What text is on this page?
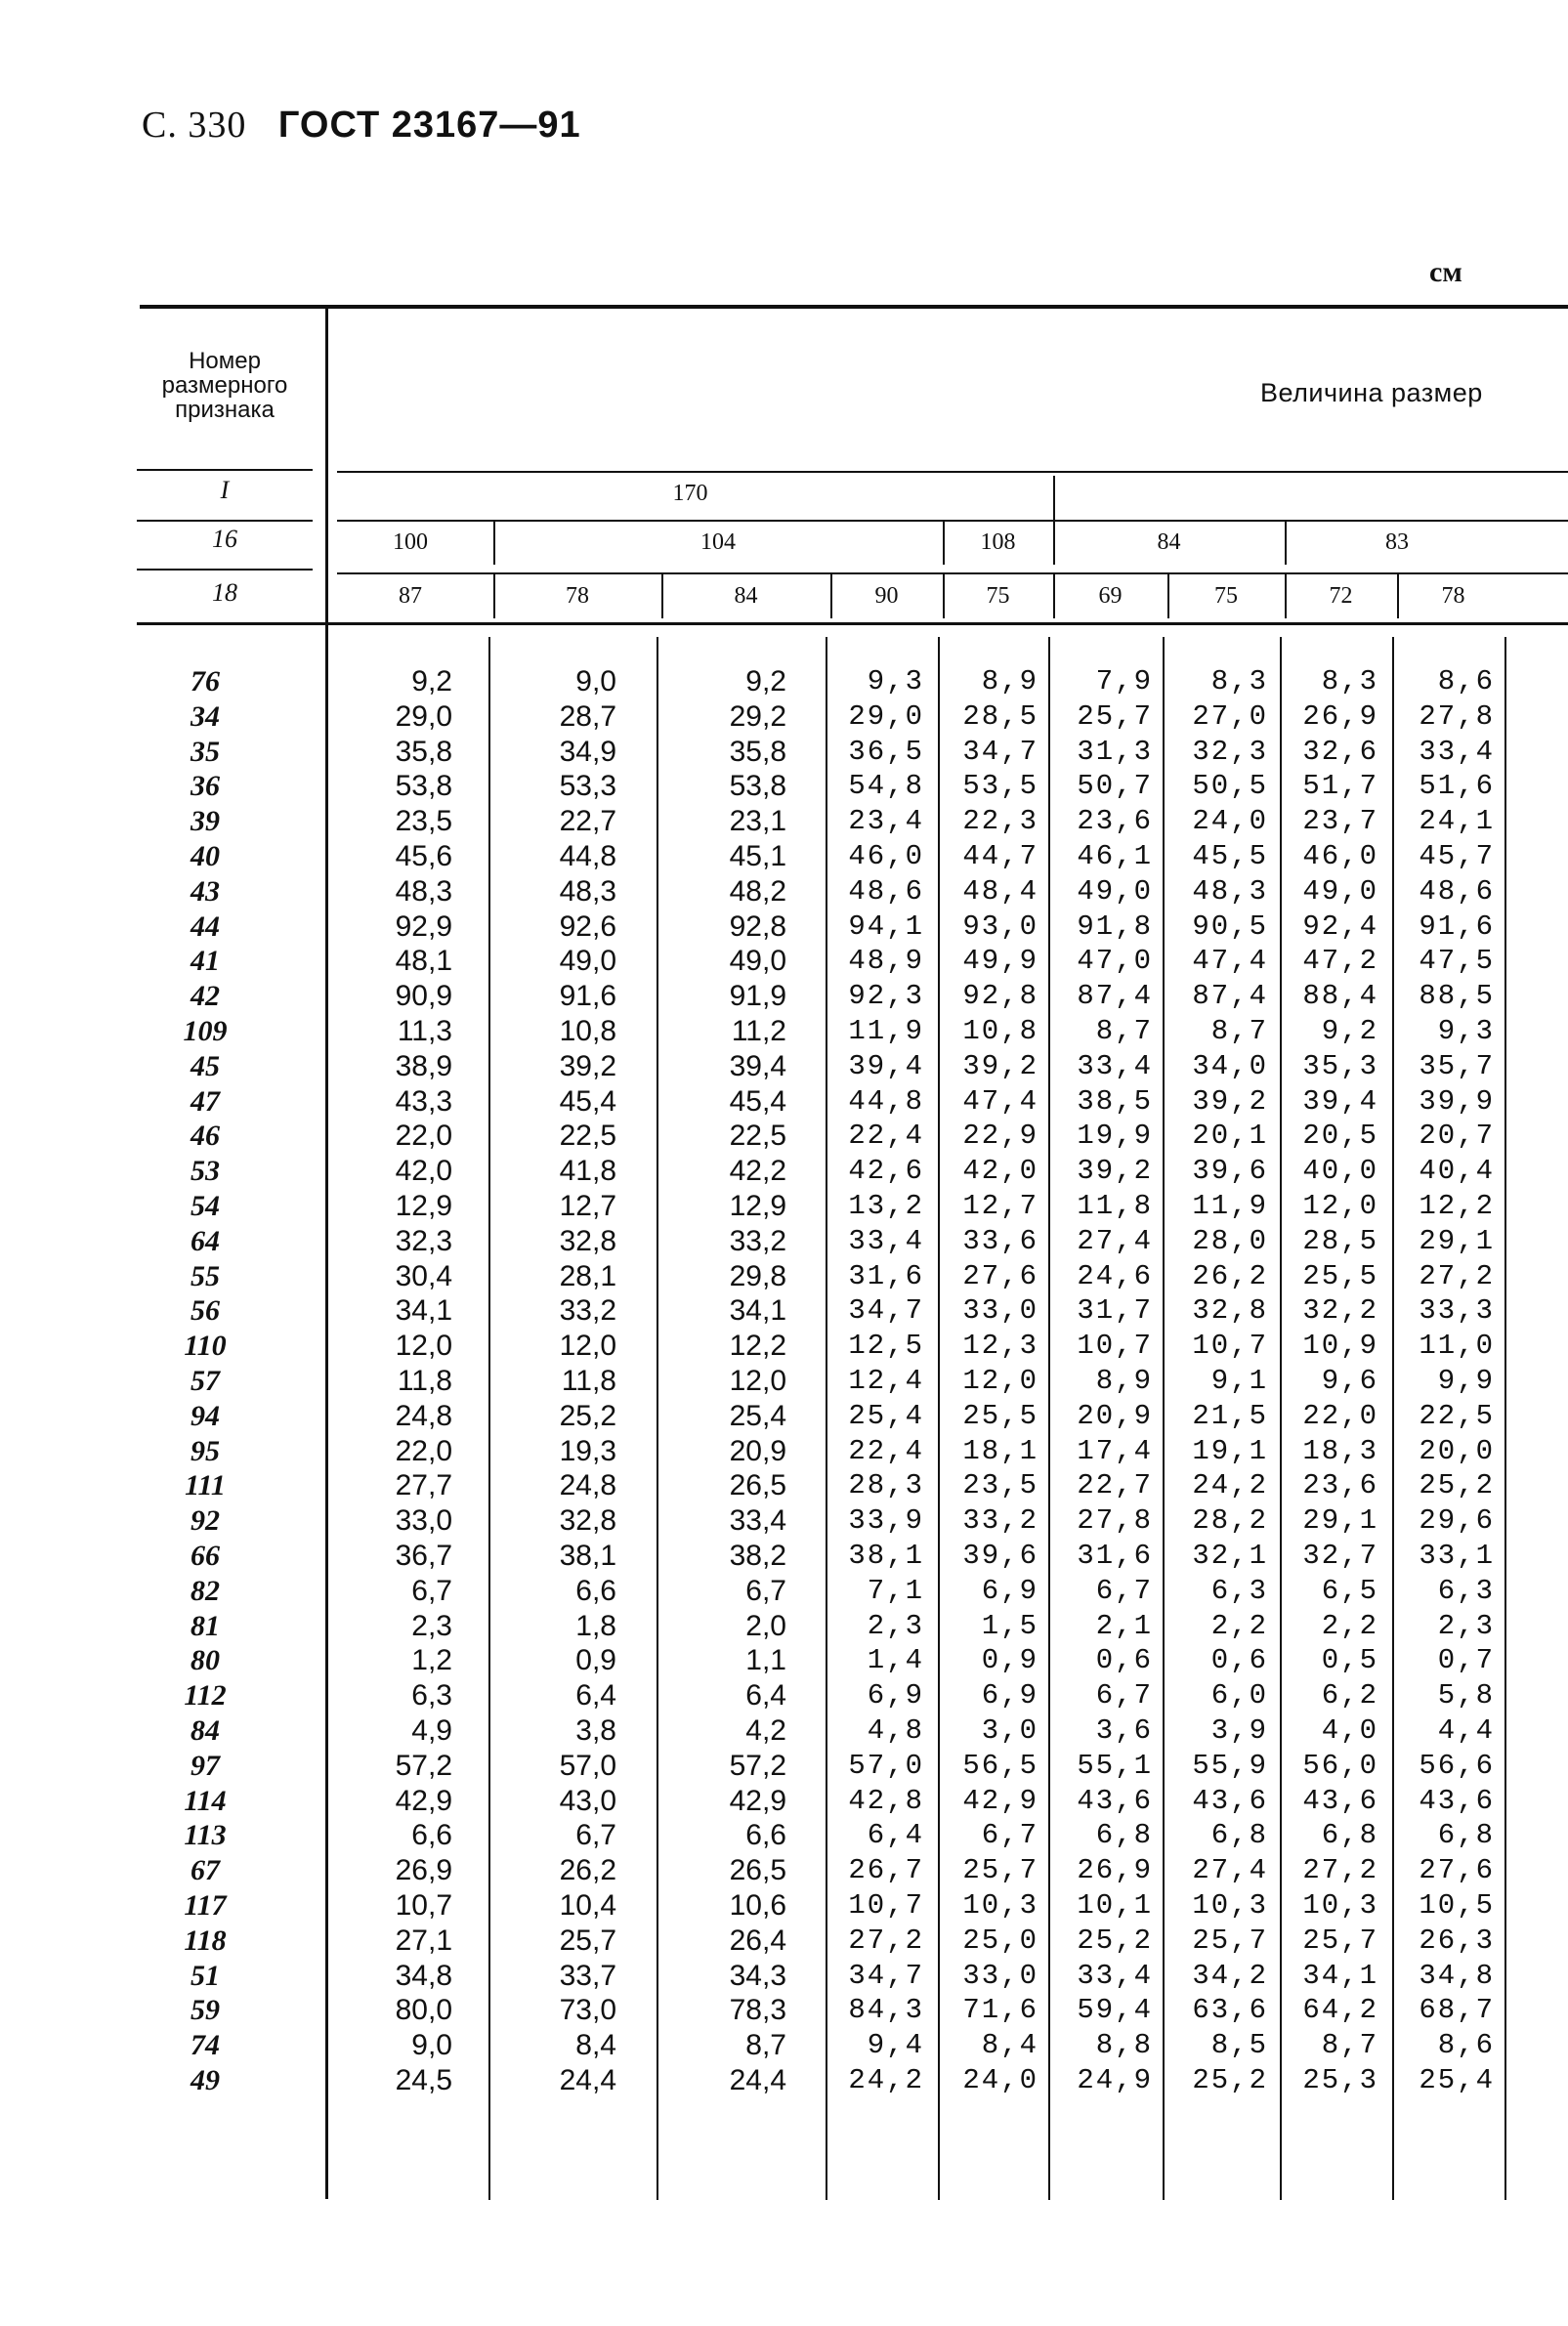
С. 330 ГОСТ 23167—91
см
Номер
размерного
признака
Величина размер
I	170
16	100	104	108	84	83
18	87	78	84	90	75	69	75	72	78
76	9,2	9,0	9,2	9,3	8,9	7,9	8,3	8,3	8,6
34	29,0	28,7	29,2	29,0	28,5	25,7	27,0	26,9	27,8
35	35,8	34,9	35,8	36,5	34,7	31,3	32,3	32,6	33,4
36	53,8	53,3	53,8	54,8	53,5	50,7	50,5	51,7	51,6
39	23,5	22,7	23,1	23,4	22,3	23,6	24,0	23,7	24,1
40	45,6	44,8	45,1	46,0	44,7	46,1	45,5	46,0	45,7
43	48,3	48,3	48,2	48,6	48,4	49,0	48,3	49,0	48,6
44	92,9	92,6	92,8	94,1	93,0	91,8	90,5	92,4	91,6
41	48,1	49,0	49,0	48,9	49,9	47,0	47,4	47,2	47,5
42	90,9	91,6	91,9	92,3	92,8	87,4	87,4	88,4	88,5
109	11,3	10,8	11,2	11,9	10,8	8,7	8,7	9,2	9,3
45	38,9	39,2	39,4	39,4	39,2	33,4	34,0	35,3	35,7
47	43,3	45,4	45,4	44,8	47,4	38,5	39,2	39,4	39,9
46	22,0	22,5	22,5	22,4	22,9	19,9	20,1	20,5	20,7
53	42,0	41,8	42,2	42,6	42,0	39,2	39,6	40,0	40,4
54	12,9	12,7	12,9	13,2	12,7	11,8	11,9	12,0	12,2
64	32,3	32,8	33,2	33,4	33,6	27,4	28,0	28,5	29,1
55	30,4	28,1	29,8	31,6	27,6	24,6	26,2	25,5	27,2
56	34,1	33,2	34,1	34,7	33,0	31,7	32,8	32,2	33,3
110	12,0	12,0	12,2	12,5	12,3	10,7	10,7	10,9	11,0
57	11,8	11,8	12,0	12,4	12,0	8,9	9,1	9,6	9,9
94	24,8	25,2	25,4	25,4	25,5	20,9	21,5	22,0	22,5
95	22,0	19,3	20,9	22,4	18,1	17,4	19,1	18,3	20,0
111	27,7	24,8	26,5	28,3	23,5	22,7	24,2	23,6	25,2
92	33,0	32,8	33,4	33,9	33,2	27,8	28,2	29,1	29,6
66	36,7	38,1	38,2	38,1	39,6	31,6	32,1	32,7	33,1
82	6,7	6,6	6,7	7,1	6,9	6,7	6,3	6,5	6,3
81	2,3	1,8	2,0	2,3	1,5	2,1	2,2	2,2	2,3
80	1,2	0,9	1,1	1,4	0,9	0,6	0,6	0,5	0,7
112	6,3	6,4	6,4	6,9	6,9	6,7	6,0	6,2	5,8
84	4,9	3,8	4,2	4,8	3,0	3,6	3,9	4,0	4,4
97	57,2	57,0	57,2	57,0	56,5	55,1	55,9	56,0	56,6
114	42,9	43,0	42,9	42,8	42,9	43,6	43,6	43,6	43,6
113	6,6	6,7	6,6	6,4	6,7	6,8	6,8	6,8	6,8
67	26,9	26,2	26,5	26,7	25,7	26,9	27,4	27,2	27,6
117	10,7	10,4	10,6	10,7	10,3	10,1	10,3	10,3	10,5
118	27,1	25,7	26,4	27,2	25,0	25,2	25,7	25,7	26,3
51	34,8	33,7	34,3	34,7	33,0	33,4	34,2	34,1	34,8
59	80,0	73,0	78,3	84,3	71,6	59,4	63,6	64,2	68,7
74	9,0	8,4	8,7	9,4	8,4	8,8	8,5	8,7	8,6
49	24,5	24,4	24,4	24,2	24,0	24,9	25,2	25,3	25,4
